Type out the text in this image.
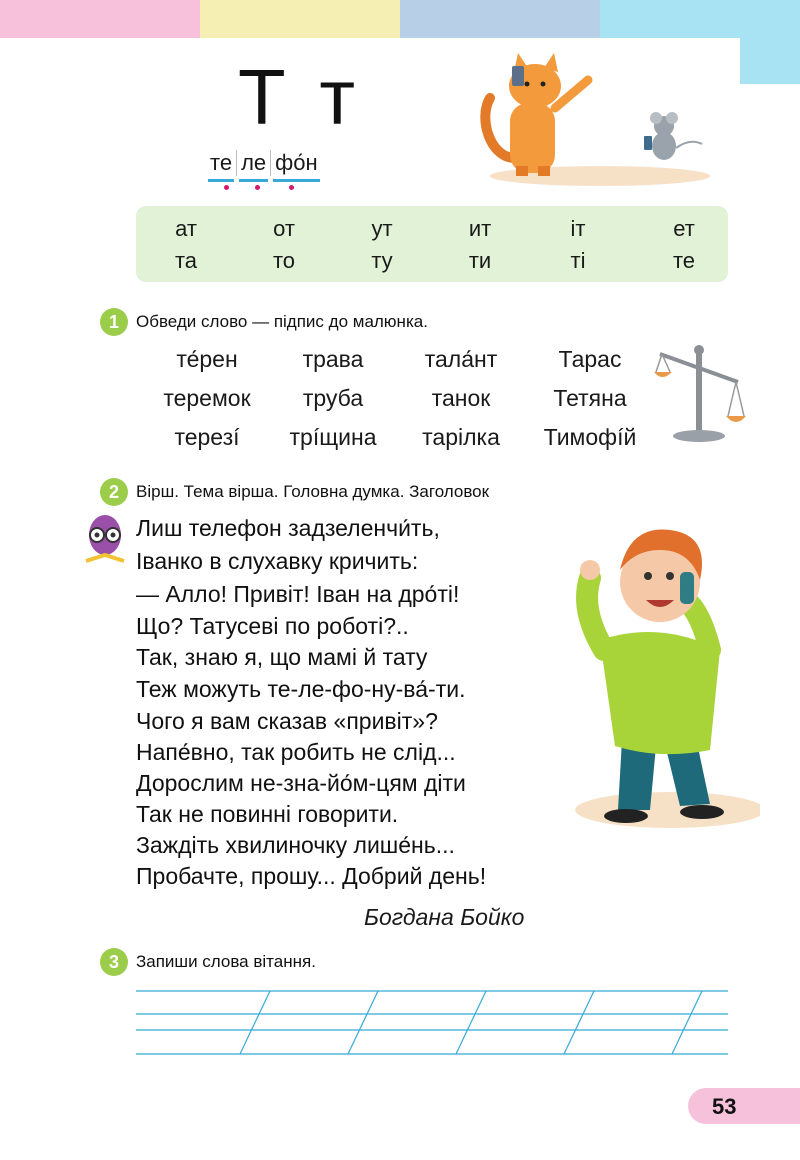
Т т
те ле фо́н
ат	от	ут	ит	іт	ет
та	то	ту	ти	ті	те
1	Обведи слово — підпис до малюнка.
те́рен	трава	тала́нт	Тарас
теремок	труба	танок	Тетяна
терезí	трíщина	тарілка	Тимофíй
2	Вірш. Тема вірша. Головна думка. Заголовок
Лиш телефон задзеленчи́ть,
Іванко в слухавку кричить:
— Алло! Привіт! Іван на дро́ті!
Що? Татусеві по роботі?..
Так, знаю я, що мамі й тату
Теж можуть те-ле-фо-ну-ва́-ти.
Чого я вам сказав «привіт»?
Напе́вно, так робить не слід...
Дорослим не-зна-йо́м-цям діти
Так не повинні говорити.
Заждіть хвилиночку лише́нь...
Пробачте, прошу... Добрий день!
Богдана Бойко
3	Запиши слова вітання.
53
